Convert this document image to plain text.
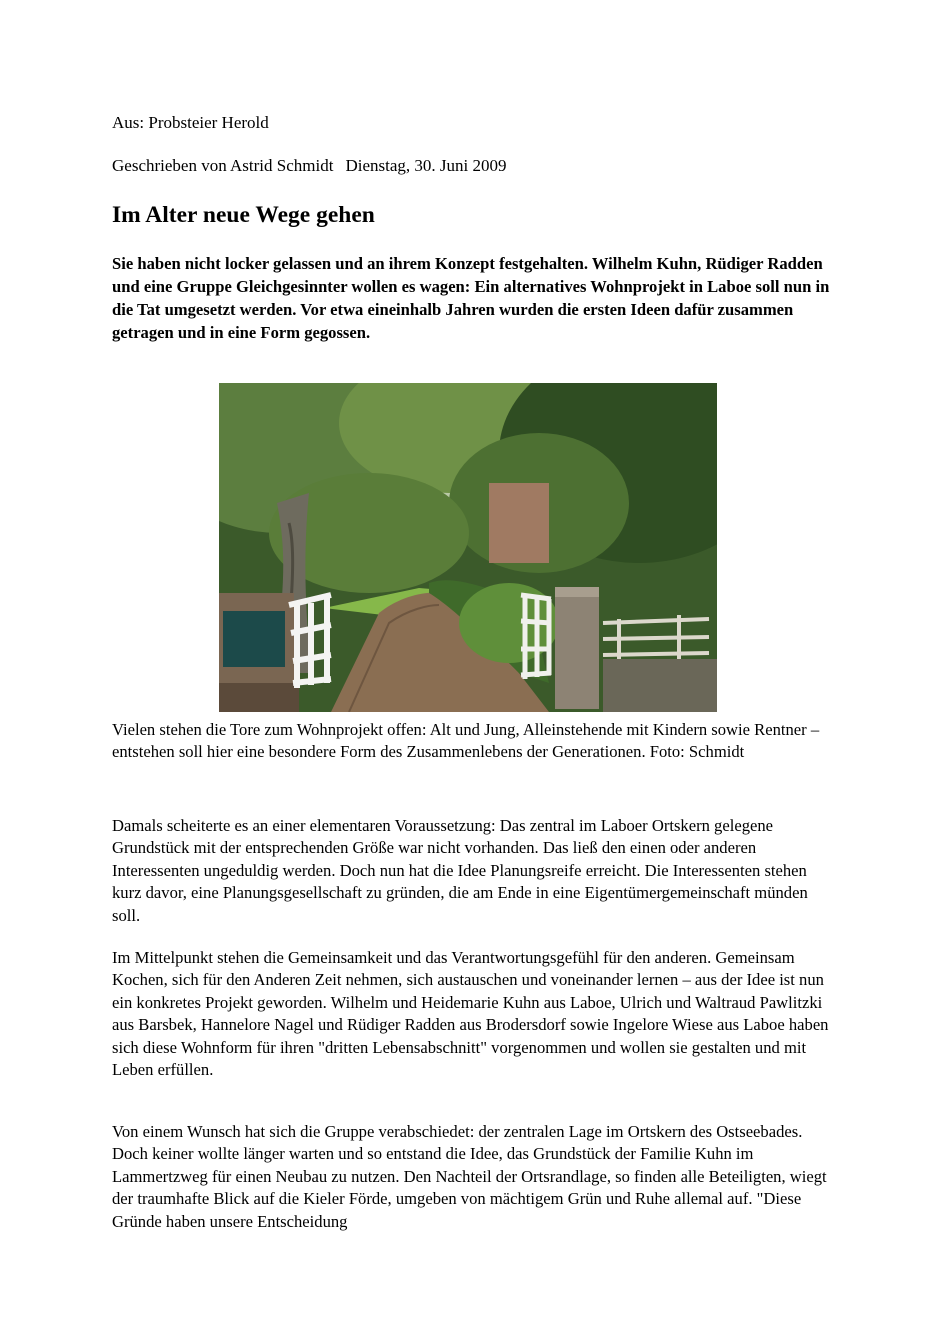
Aus: Probsteier Herold
Geschrieben von Astrid Schmidt Dienstag, 30. Juni 2009
Im Alter neue Wege gehen

Sie haben nicht locker gelassen und an ihrem Konzept festgehalten. Wilhelm Kuhn, Rüdiger Radden und eine Gruppe Gleichgesinnter wollen es wagen: Ein alternatives Wohnprojekt in Laboe soll nun in die Tat umgesetzt werden. Vor etwa eineinhalb Jahren wurden die ersten Ideen dafür zusammen getragen und in eine Form gegossen.

Vielen stehen die Tore zum Wohnprojekt offen: Alt und Jung, Alleinstehende mit Kindern sowie Rentner – entstehen soll hier eine besondere Form des Zusammenlebens der Generationen. Foto: Schmidt

Damals scheiterte es an einer elementaren Voraussetzung: Das zentral im Laboer Ortskern gelegene Grundstück mit der entsprechenden Größe war nicht vorhanden. Das ließ den einen oder anderen Interessenten ungeduldig werden. Doch nun hat die Idee Planungsreife erreicht. Die Interessenten stehen kurz davor, eine Planungsgesellschaft zu gründen, die am Ende in eine Eigentümergemeinschaft münden soll.

Im Mittelpunkt stehen die Gemeinsamkeit und das Verantwortungsgefühl für den anderen. Gemeinsam Kochen, sich für den Anderen Zeit nehmen, sich austauschen und voneinander lernen – aus der Idee ist nun ein konkretes Projekt geworden. Wilhelm und Heidemarie Kuhn aus Laboe, Ulrich und Waltraud Pawlitzki aus Barsbek, Hannelore Nagel und Rüdiger Radden aus Brodersdorf sowie Ingelore Wiese aus Laboe haben sich diese Wohnform für ihren "dritten Lebensabschnitt" vorgenommen und wollen sie gestalten und mit Leben erfüllen.

Von einem Wunsch hat sich die Gruppe verabschiedet: der zentralen Lage im Ortskern des Ostseebades. Doch keiner wollte länger warten und so entstand die Idee, das Grundstück der Familie Kuhn im Lammertzweg für einen Neubau zu nutzen. Den Nachteil der Ortsrandlage, so finden alle Beteiligten, wiegt der traumhafte Blick auf die Kieler Förde, umgeben von mächtigem Grün und Ruhe allemal auf. "Diese Gründe haben unsere Entscheidung
